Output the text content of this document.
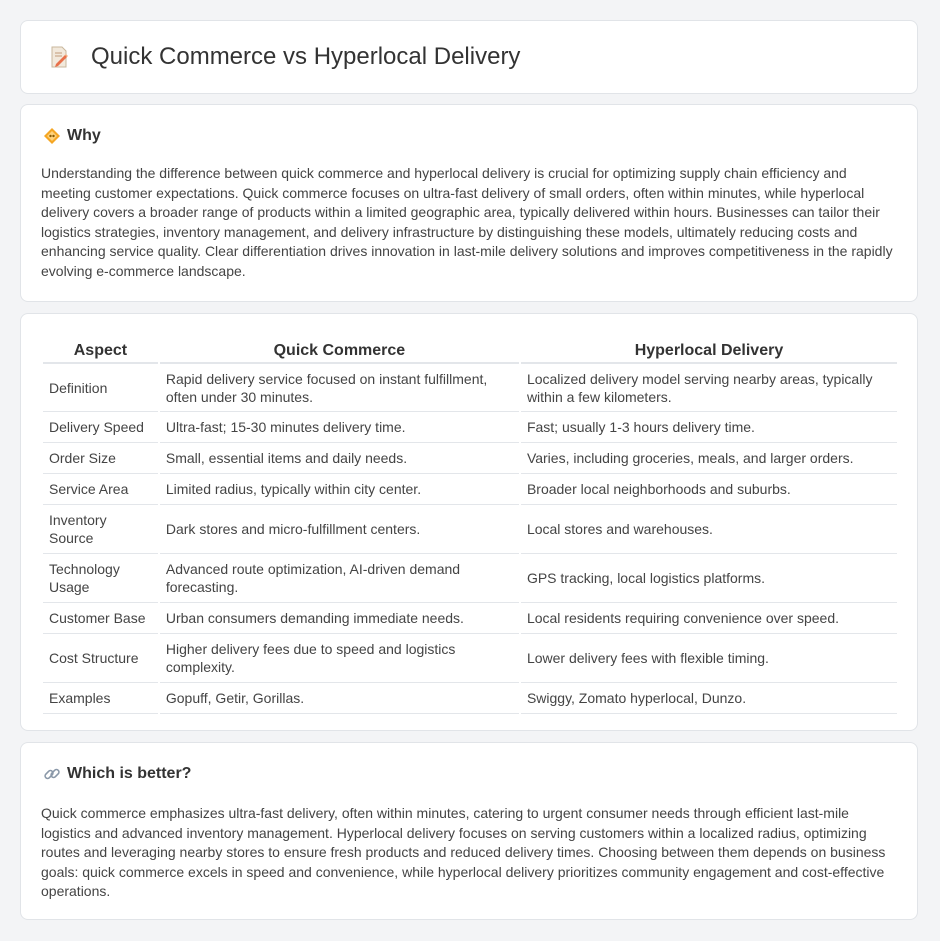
Quick Commerce vs Hyperlocal Delivery
Why

Understanding the difference between quick commerce and hyperlocal delivery is crucial for optimizing supply chain efficiency and meeting customer expectations. Quick commerce focuses on ultra-fast delivery of small orders, often within minutes, while hyperlocal delivery covers a broader range of products within a limited geographic area, typically delivered within hours. Businesses can tailor their logistics strategies, inventory management, and delivery infrastructure by distinguishing these models, ultimately reducing costs and enhancing service quality. Clear differentiation drives innovation in last-mile delivery solutions and improves competitiveness in the rapidly evolving e-commerce landscape.

Aspect	Quick Commerce	Hyperlocal Delivery
Definition	Rapid delivery service focused on instant fulfillment, often under 30 minutes.	Localized delivery model serving nearby areas, typically within a few kilometers.
Delivery Speed	Ultra-fast; 15-30 minutes delivery time.	Fast; usually 1-3 hours delivery time.
Order Size	Small, essential items and daily needs.	Varies, including groceries, meals, and larger orders.
Service Area	Limited radius, typically within city center.	Broader local neighborhoods and suburbs.
Inventory Source	Dark stores and micro-fulfillment centers.	Local stores and warehouses.
Technology Usage	Advanced route optimization, AI-driven demand forecasting.	GPS tracking, local logistics platforms.
Customer Base	Urban consumers demanding immediate needs.	Local residents requiring convenience over speed.
Cost Structure	Higher delivery fees due to speed and logistics complexity.	Lower delivery fees with flexible timing.
Examples	Gopuff, Getir, Gorillas.	Swiggy, Zomato hyperlocal, Dunzo.
Which is better?

Quick commerce emphasizes ultra-fast delivery, often within minutes, catering to urgent consumer needs through efficient last-mile logistics and advanced inventory management. Hyperlocal delivery focuses on serving customers within a localized radius, optimizing routes and leveraging nearby stores to ensure fresh products and reduced delivery times. Choosing between them depends on business goals: quick commerce excels in speed and convenience, while hyperlocal delivery prioritizes community engagement and cost-effective operations.
